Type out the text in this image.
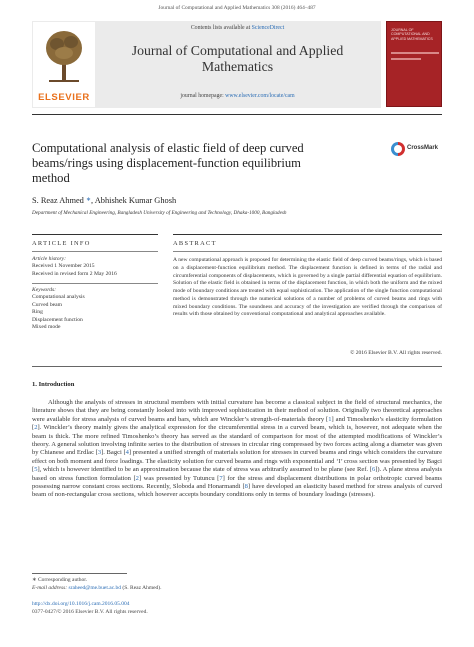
Journal of Computational and Applied Mathematics 308 (2016) 464–487
ELSEVIER
Contents lists available at ScienceDirect
Journal of Computational and Applied
Mathematics
journal homepage: www.elsevier.com/locate/cam
JOURNAL OF COMPUTATIONAL AND APPLIED MATHEMATICS
Computational analysis of elastic field of deep curved
beams/rings using displacement-function equilibrium
method
CrossMark
S. Reaz Ahmed ∗, Abhishek Kumar Ghosh
Department of Mechanical Engineering, Bangladesh University of Engineering and Technology, Dhaka-1000, Bangladesh
ARTICLE INFO	ABSTRACT
Article history:
Received 1 November 2015
Received in revised form 2 May 2016
Keywords:
Computational analysis
Curved beam
Ring
Displacement function
Mixed mode
A new computational approach is proposed for determining the elastic field of deep curved beams/rings, which is based on a displacement-function equilibrium method. The displacement function is defined in terms of the radial and circumferential components of displacements, which is governed by a single partial differential equation of equilibrium. Solution of the elastic field is obtained in terms of the displacement function, in which both the uniform and the mixed mode of boundary conditions are treated with equal sophistication. The application of the single function computational method is demonstrated through the numerical solutions of a number of problems of curved beams and rings with mixed boundary conditions. The soundness and accuracy of the investigation are verified through the comparison of results with those obtained by conventional computational and analytical approaches available.
© 2016 Elsevier B.V. All rights reserved.
1. Introduction
Although the analysis of stresses in structural members with initial curvature has become a classical subject in the field of structural mechanics, the literature shows that they are being constantly looked into with improved sophistication in their method of solution. Originally two theoretical approaches were available for stress analysis of curved beams and bars, which are Winckler’s strength-of-materials theory [1] and Timoshenko’s elasticity formulation [2]. Winckler’s theory mainly gives the analytical expression for the circumferential stress in a curved beam, which is, however, not adequate when the beam is thick. The more refined Timoshenko’s theory has served as the standard of comparison for most of the attempted modifications of Winckler’s theory. A general solution involving infinite series to the distribution of stresses in circular ring compressed by two forces acting along a diameter was given by Chianese and Erdlac [3]. Bagci [4] presented a unified strength of materials solution for stresses in curved beams and rings which considers the curvature effect on both moment and force loadings. The elasticity solution for curved beams and rings with exponential and ‘I’ cross section was presented by Bagci [5], which is however identified to be an approximation because the state of stress was arbitrarily assumed to be plane (see Ref. [6]). A plane stress analysis based on stress function formulation [2] was presented by Tutuncu [7] for the stress and displacement distributions in polar orthotropic curved beams possessing narrow constant cross sections. Recently, Sloboda and Honarmandi [8] have developed an elasticity based method for stress analysis of curved beam of non-rectangular cross sections, which however accepts boundary conditions only in terms of boundary loadings (stresses).
∗ Corresponding author.
E-mail address: sraheed@me.buet.ac.bd (S. Reaz Ahmed).
http://dx.doi.org/10.1016/j.cam.2016.05.004
0377-0427/© 2016 Elsevier B.V. All rights reserved.
